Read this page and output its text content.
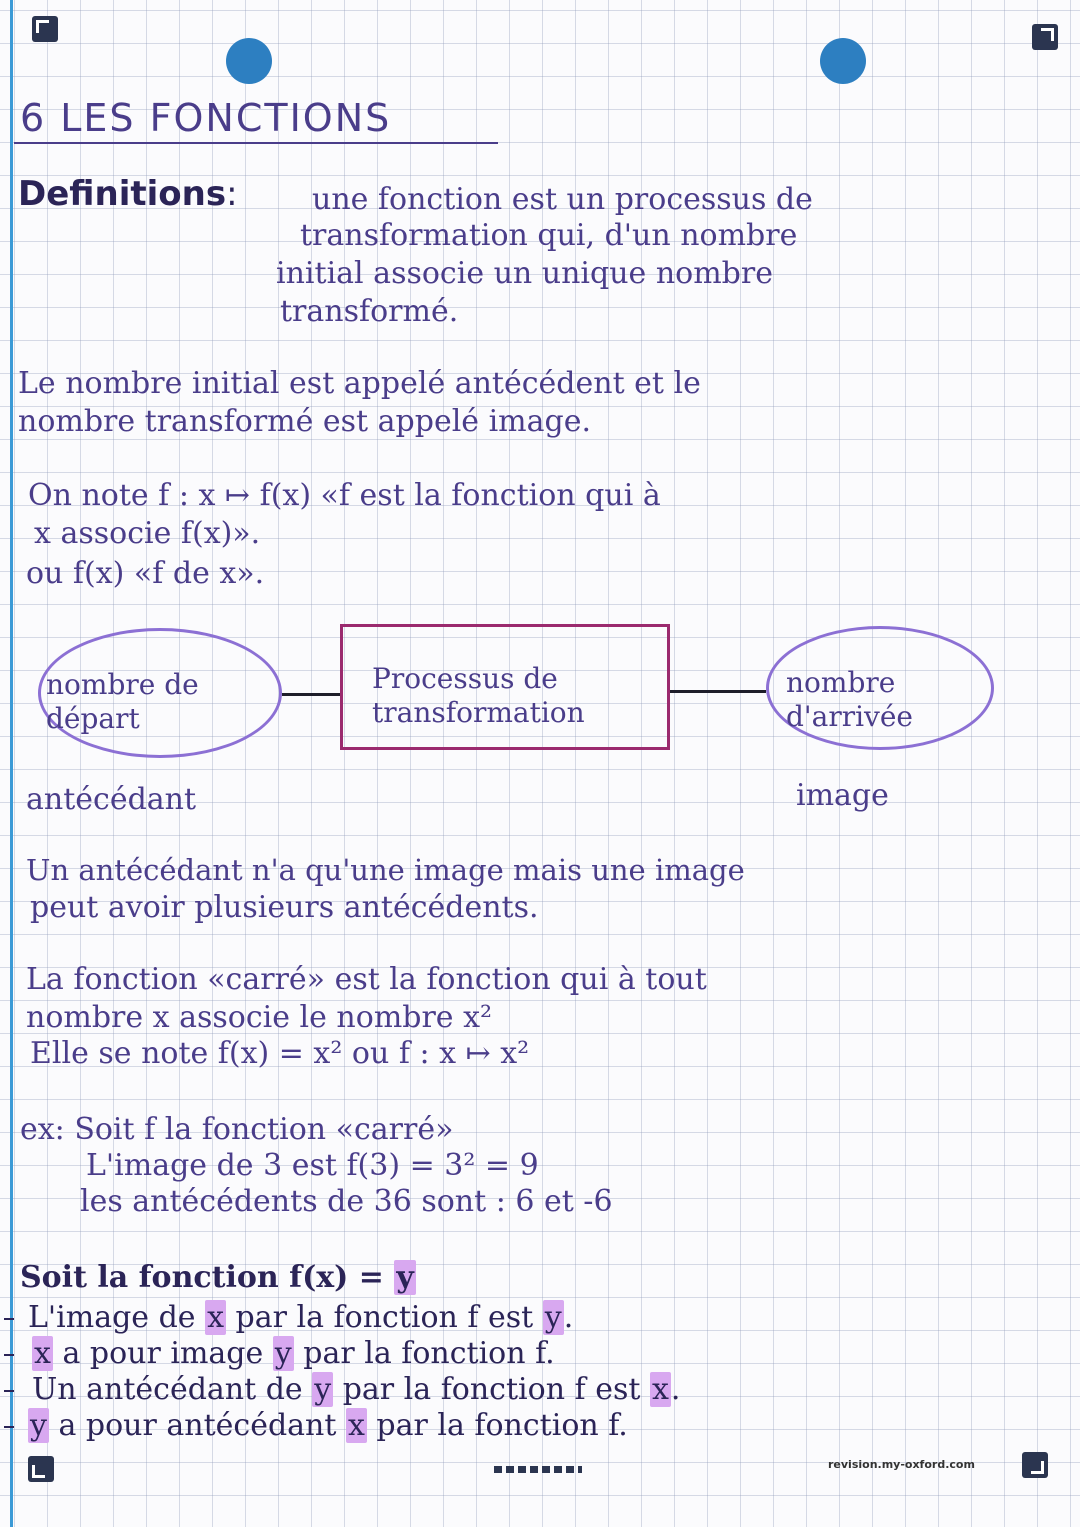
6 LES FONCTIONS
Definitions: une fonction est un processus de
transformation qui, d'un nombre
initial associe un unique nombre
transformé.
Le nombre initial est appelé antécédent et le
nombre transformé est appelé image.
On note f : x ↦ f(x) «f est la fonction qui à
x associe f(x)».
ou f(x) «f de x».
nombre de départ
Processus de transformation
nombre d'arrivée
antécédant	image
Un antécédant n'a qu'une image mais une image
peut avoir plusieurs antécédents.
La fonction «carré» est la fonction qui à tout
nombre x associe le nombre x²
Elle se note f(x) = x² ou f : x ↦ x²
ex: Soit f la fonction «carré»
L'image de 3 est f(3) = 3² = 9
les antécédents de 36 sont : 6 et -6
Soit la fonction f(x) = y
L'image de x par la fonction f est y.
x a pour image y par la fonction f.
Un antécédant de y par la fonction f est x.
y a pour antécédant x par la fonction f.
revision.my-oxford.com
